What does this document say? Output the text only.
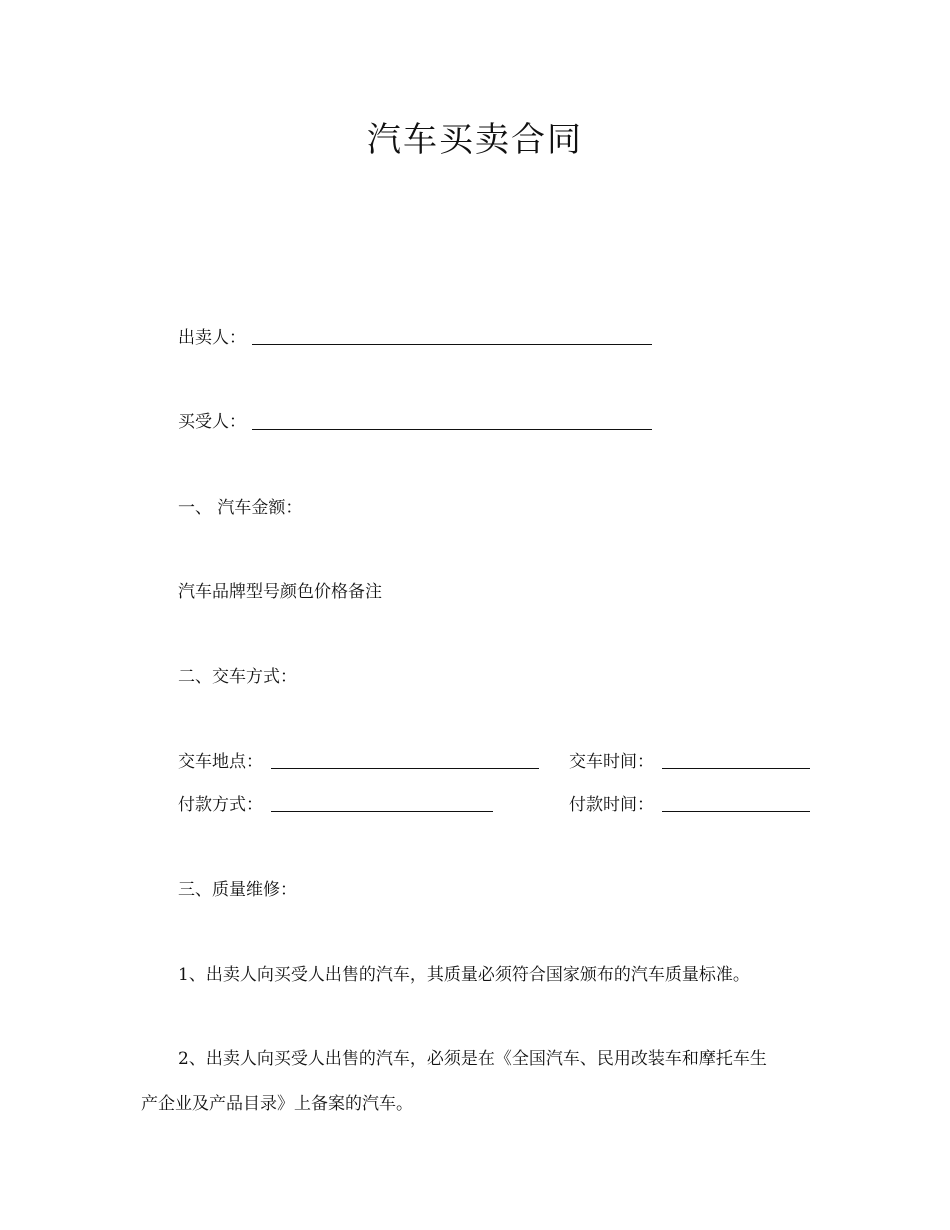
汽车买卖合同
出卖人：
买受人：
一、 汽车金额：
汽车品牌型号颜色价格备注
二、交车方式：
交车地点：	交车时间：
付款方式：	付款时间：
三、质量维修：
1、出卖人向买受人出售的汽车，其质量必须符合国家颁布的汽车质量标准。
2、出卖人向买受人出售的汽车，必须是在《全国汽车、民用改装车和摩托车生
产企业及产品目录》上备案的汽车。
